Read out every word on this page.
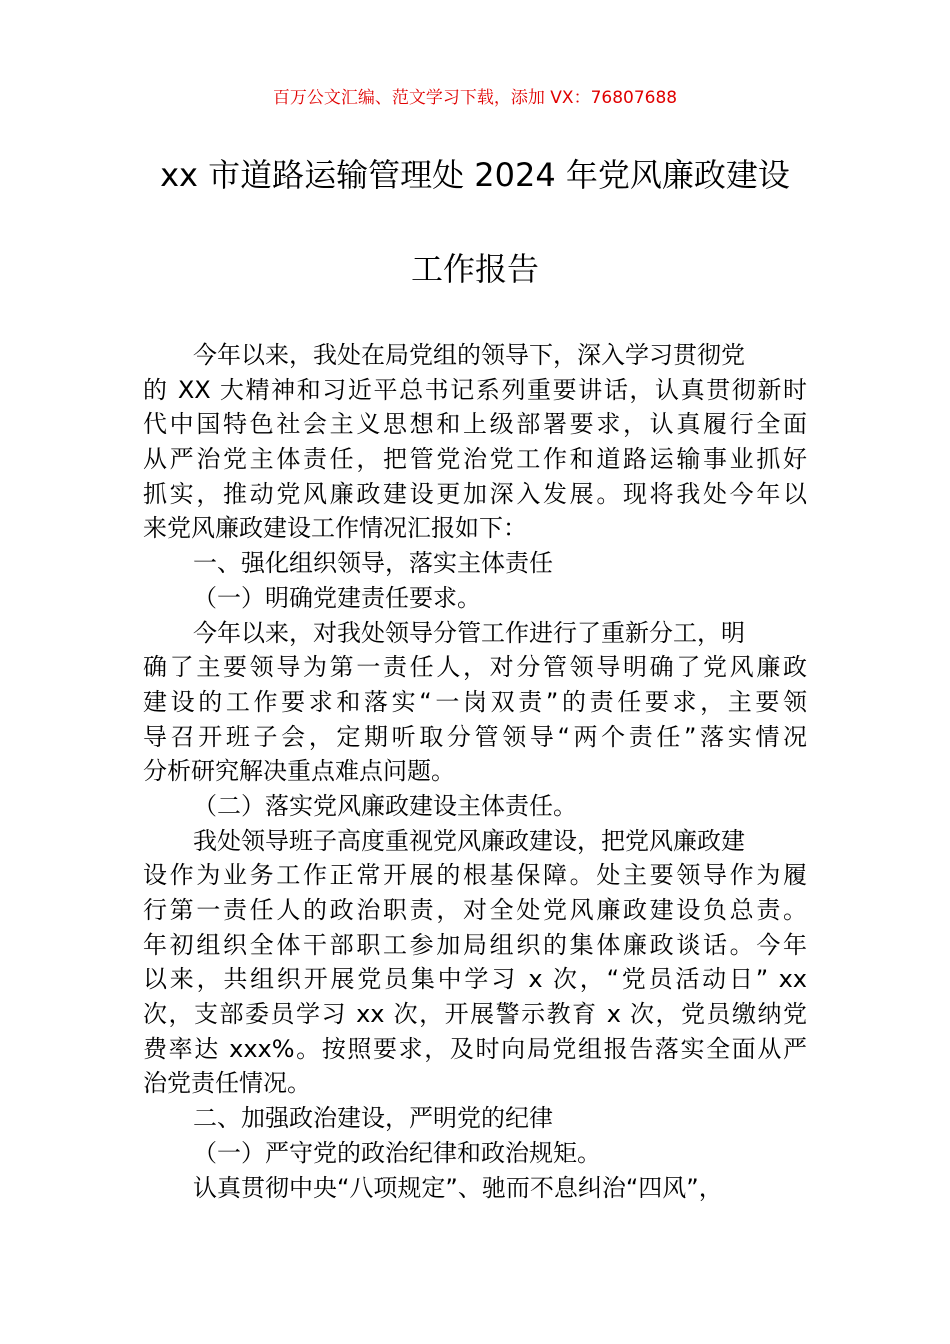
百万公文汇编、范文学习下载，添加 VX：76807688
xx 市道路运输管理处 2024 年党风廉政建设
工作报告
今年以来，我处在局党组的领导下，深入学习贯彻党
的 XX 大精神和习近平总书记系列重要讲话，认真贯彻新时
代中国特色社会主义思想和上级部署要求，认真履行全面
从严治党主体责任，把管党治党工作和道路运输事业抓好
抓实，推动党风廉政建设更加深入发展。现将我处今年以
来党风廉政建设工作情况汇报如下：
一、强化组织领导，落实主体责任
（一）明确党建责任要求。
今年以来，对我处领导分管工作进行了重新分工，明
确了主要领导为第一责任人，对分管领导明确了党风廉政
建设的工作要求和落实“一岗双责”的责任要求，主要领
导召开班子会，定期听取分管领导“两个责任”落实情况
分析研究解决重点难点问题。
（二）落实党风廉政建设主体责任。
我处领导班子高度重视党风廉政建设，把党风廉政建
设作为业务工作正常开展的根基保障。处主要领导作为履
行第一责任人的政治职责，对全处党风廉政建设负总责。
年初组织全体干部职工参加局组织的集体廉政谈话。今年
以来，共组织开展党员集中学习 x 次，“党员活动日” xx
次，支部委员学习 xx 次，开展警示教育 x 次，党员缴纳党
费率达 xxx%。按照要求，及时向局党组报告落实全面从严
治党责任情况。
二、加强政治建设，严明党的纪律
（一）严守党的政治纪律和政治规矩。
认真贯彻中央“八项规定”、驰而不息纠治“四风”，
